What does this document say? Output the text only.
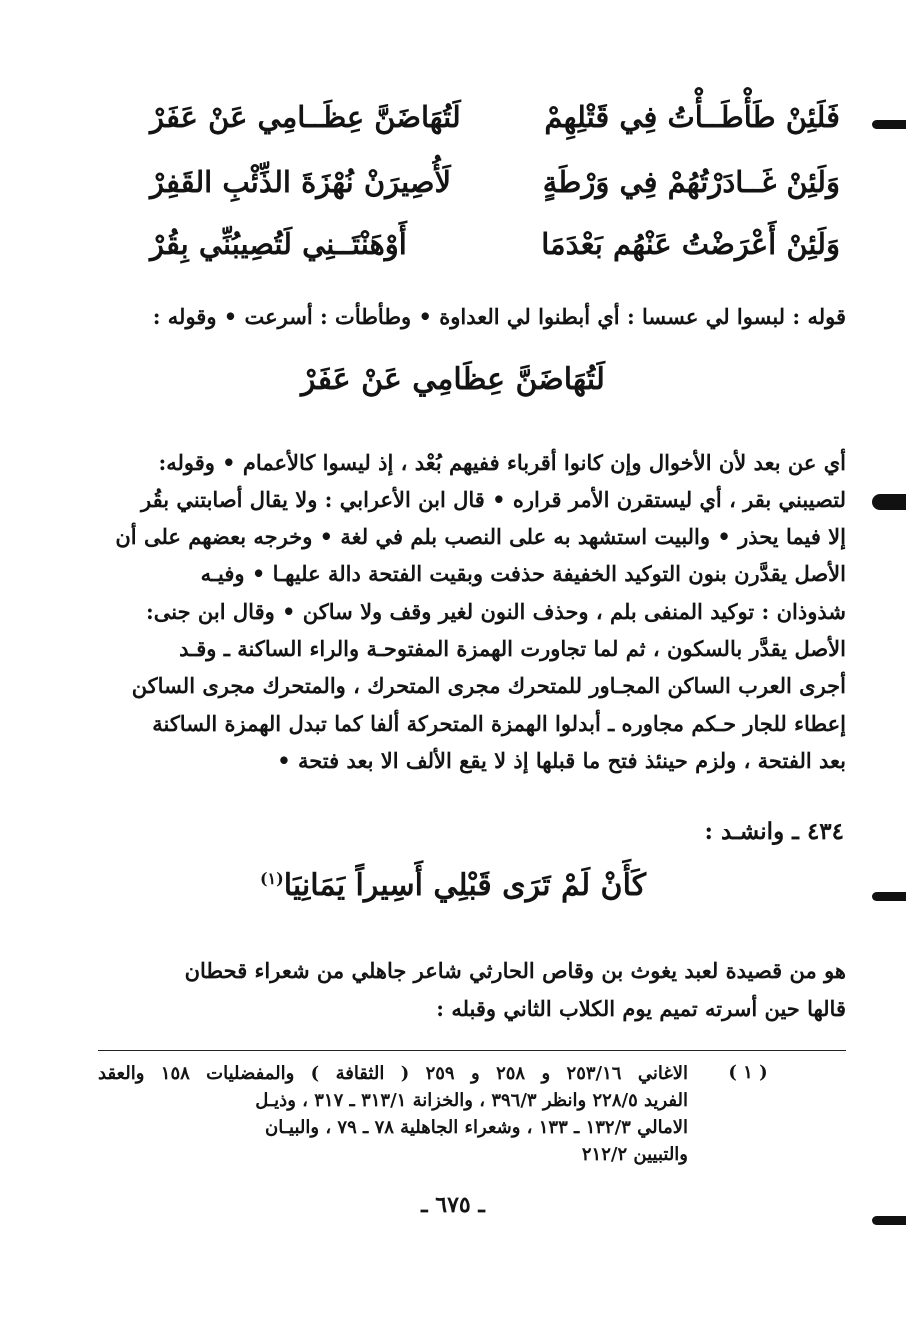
فَلَئِنْ طَأْطَــأْتُ فِي قَتْلِهِمْ
لَتُهَاضَنَّ عِظَــامِي عَنْ عَفَرْ
وَلَئِنْ غَــادَرْتُهُمْ فِي وَرْطَةٍ
لَأُصِيرَنْ نُهْزَةَ الذِّئْبِ القَفِرْ
وَلَئِنْ أَعْرَضْتُ عَنْهُم بَعْدَمَا
أَوْهَنْتَــنِي لَتُصِيبُنِّي بِقُرْ
قوله : لبسوا لي عسسا : أي أبطنوا لي العداوة • وطأطأت : أسرعت • وقوله :
لَتُهَاضَنَّ عِظَامِي عَنْ عَفَرْ
أي عن بعد لأن الأخوال وإن كانوا أقرباء ففيهم بُعْد ، إذ ليسوا كالأعمام • وقوله:
لتصيبني بقر ، أي ليستقرن الأمر قراره • قال ابن الأعرابي : ولا يقال أصابتني بقُر
إلا فيما يحذر • والبيت استشهد به على النصب بلم في لغة • وخرجه بعضهم على أن
الأصل يقدَّرن بنون التوكيد الخفيفة حذفت وبقيت الفتحة دالة عليهـا • وفيـه
شذوذان : توكيد المنفى بلم ، وحذف النون لغير وقف ولا ساكن • وقال ابن جنى:
الأصل يقدَّر بالسكون ، ثم لما تجاورت الهمزة المفتوحـة والراء الساكنة ـ وقـد
أجرى العرب الساكن المجـاور للمتحرك مجرى المتحرك ، والمتحرك مجرى الساكن
إعطاء للجار حـكم مجاوره ـ أبدلوا الهمزة المتحركة ألفا كما تبدل الهمزة الساكنة
بعد الفتحة ، ولزم حينئذ فتح ما قبلها إذ لا يقع الألف الا بعد فتحة •
٤٣٤ ـ وانشـد :
كَأَنْ لَمْ تَرَى قَبْلِي أَسِيراً يَمَانِيَا$^{(١)}$
هو من قصيدة لعبد يغوث بن وقاص الحارثي شاعر جاهلي من شعراء قحطان
قالها حين أسرته تميم يوم الكلاب الثاني وقبله :
( ١ )
الاغاني ٢٥٣/١٦ و ٢٥٨ و ٢٥٩ ( الثقافة ) والمفضليات ١٥٨ والعقد
الفريد ٢٢٨/٥ وانظر ٣٩٦/٣ ، والخزانة ٣١٣/١ ـ ٣١٧ ، وذيـل
الامالي ١٣٢/٣ ـ ١٣٣ ، وشعراء الجاهلية ٧٨ ـ ٧٩ ، والبيـان
والتبيين ٢١٢/٢
ـ ٦٧٥ ـ
